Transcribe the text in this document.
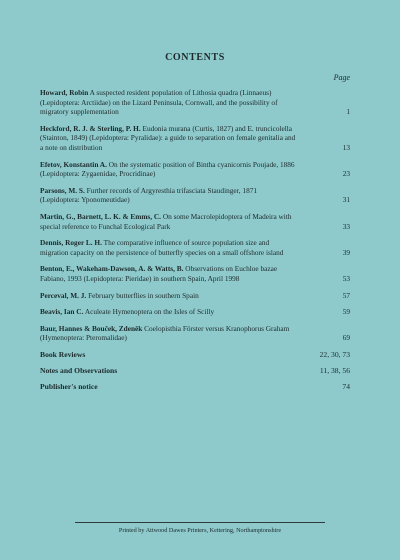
CONTENTS
Page
Howard, Robin A suspected resident population of Lithosia quadra (Linnaeus) (Lepidoptera: Arctiidae) on the Lizard Peninsula, Cornwall, and the possibility of migratory supplementation	1
Heckford, R. J. & Sterling, P. H. Eudonia murana (Curtis, 1827) and E. truncicolella (Stainton, 1849) (Lepidoptera: Pyralidae): a guide to separation on female genitalia and a note on distribution	13
Efetov, Konstantin A. On the systematic position of Bintha cyanicornis Poujade, 1886 (Lepidoptera: Zygaenidae, Procridinae)	23
Parsons, M. S. Further records of Argyresthia trifasciata Staudinger, 1871 (Lepidoptera: Yponomeutidae)	31
Martin, G., Barnett, L. K. & Emms, C. On some Macrolepidoptera of Madeira with special reference to Funchal Ecological Park	33
Dennis, Roger L. H. The comparative influence of source population size and migration capacity on the persistence of butterfly species on a small offshore island	39
Benton, E., Wakeham-Dawson, A. & Watts, B. Observations on Euchloe bazae Fabiano, 1993 (Lepidoptera: Pieridae) in southern Spain, April 1998	53
Perceval, M. J. February butterflies in southern Spain	57
Beavis, Ian C. Aculeate Hymenoptera on the Isles of Scilly	59
Baur, Hannes & Bouček, Zdeněk Coelopisthia Förster versus Kranophorus Graham (Hymenoptera: Pteromalidae)	69
Book Reviews	22, 30, 73
Notes and Observations	11, 38, 56
Publisher's notice	74
Printed by Attwood Dawes Printers, Kettering, Northamptonshire
